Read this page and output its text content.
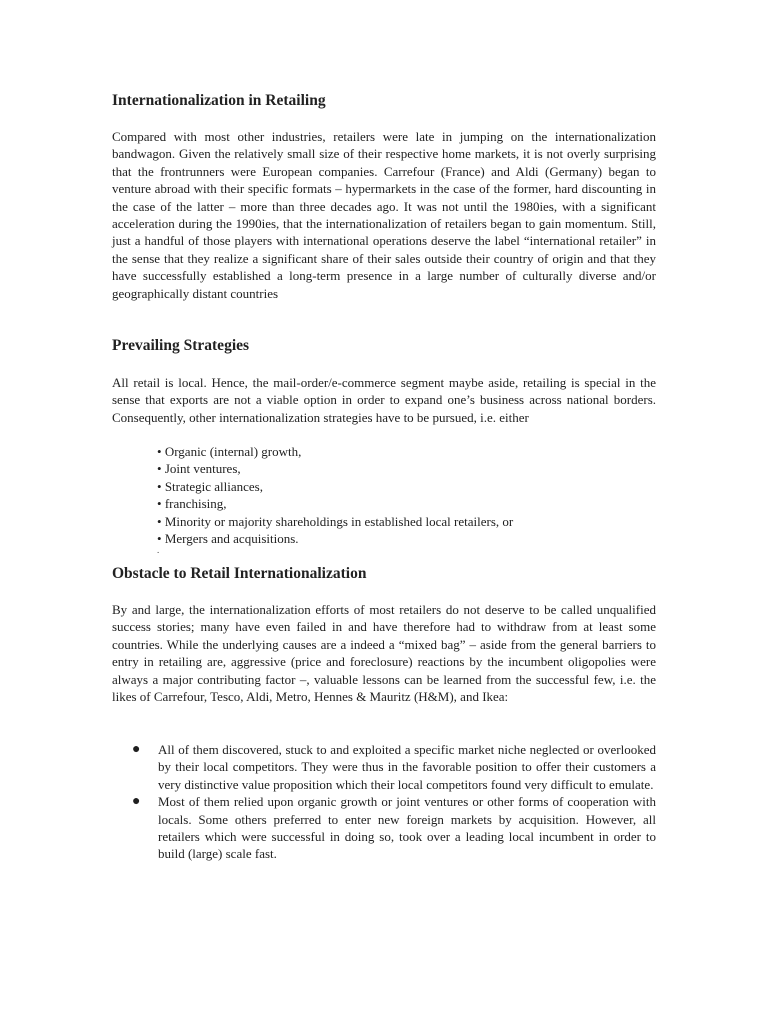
Internationalization in Retailing

Compared with most other industries, retailers were late in jumping on the internationalization bandwagon. Given the relatively small size of their respective home markets, it is not overly surprising that the frontrunners were European companies. Carrefour (France) and Aldi (Germany) began to venture abroad with their specific formats – hypermarkets in the case of the former, hard discounting in the case of the latter – more than three decades ago. It was not until the 1980ies, with a significant acceleration during the 1990ies, that the internationalization of retailers began to gain momentum. Still, just a handful of those players with international operations deserve the label “international retailer” in the sense that they realize a significant share of their sales outside their country of origin and that they have successfully established a long-term presence in a large number of culturally diverse and/or geographically distant countries

Prevailing Strategies

All retail is local. Hence, the mail-order/e-commerce segment maybe aside, retailing is special in the sense that exports are not a viable option in order to expand one’s business across national borders. Consequently, other internationalization strategies have to be pursued, i.e. either

• Organic (internal) growth,
• Joint ventures,
• Strategic alliances,
• franchising,
• Minority or majority shareholdings in established local retailers, or
• Mergers and acquisitions.
.
Obstacle to Retail Internationalization

By and large, the internationalization efforts of most retailers do not deserve to be called unqualified success stories; many have even failed in and have therefore had to withdraw from at least some countries. While the underlying causes are a indeed a “mixed bag” – aside from the general barriers to entry in retailing are, aggressive (price and foreclosure) reactions by the incumbent oligopolies were always a major contributing factor –, valuable lessons can be learned from the successful few, i.e. the likes of Carrefour, Tesco, Aldi, Metro, Hennes & Mauritz (H&M), and Ikea:

● All of them discovered, stuck to and exploited a specific market niche neglected or overlooked by their local competitors. They were thus in the favorable position to offer their customers a very distinctive value proposition which their local competitors found very difficult to emulate.
● Most of them relied upon organic growth or joint ventures or other forms of cooperation with locals. Some others preferred to enter new foreign markets by acquisition. However, all retailers which were successful in doing so, took over a leading local incumbent in order to build (large) scale fast.
